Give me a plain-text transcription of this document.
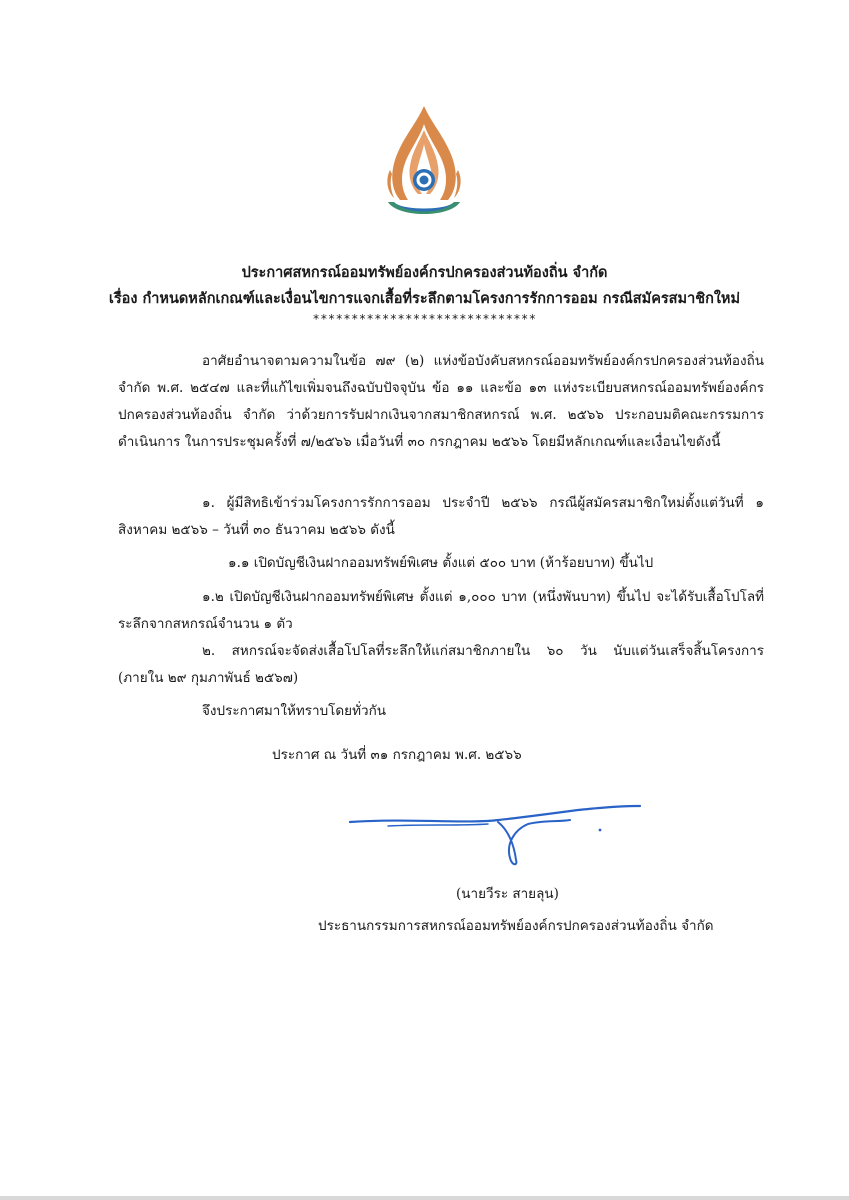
ประกาศสหกรณ์ออมทรัพย์องค์กรปกครองส่วนท้องถิ่น จำกัด
เรื่อง กำหนดหลักเกณฑ์และเงื่อนไขการแจกเสื้อที่ระลึกตามโครงการรักการออม กรณีสมัครสมาชิกใหม่
*****************************
อาศัยอำนาจตามความในข้อ ๗๙ (๒) แห่งข้อบังคับสหกรณ์ออมทรัพย์องค์กรปกครองส่วนท้องถิ่น จำกัด พ.ศ. ๒๕๔๗ และที่แก้ไขเพิ่มจนถึงฉบับปัจจุบัน ข้อ ๑๑ และข้อ ๑๓ แห่งระเบียบสหกรณ์ออมทรัพย์องค์กรปกครองส่วนท้องถิ่น จำกัด ว่าด้วยการรับฝากเงินจากสมาชิกสหกรณ์ พ.ศ. ๒๕๖๖ ประกอบมติคณะกรรมการดำเนินการ ในการประชุมครั้งที่ ๗/๒๕๖๖ เมื่อวันที่ ๓๐ กรกฎาคม ๒๕๖๖ โดยมีหลักเกณฑ์และเงื่อนไขดังนี้
๑. ผู้มีสิทธิเข้าร่วมโครงการรักการออม ประจำปี ๒๕๖๖ กรณีผู้สมัครสมาชิกใหม่ตั้งแต่วันที่ ๑ สิงหาคม ๒๕๖๖ – วันที่ ๓๐ ธันวาคม ๒๕๖๖ ดังนี้
๑.๑ เปิดบัญชีเงินฝากออมทรัพย์พิเศษ ตั้งแต่ ๕๐๐ บาท (ห้าร้อยบาท) ขึ้นไป
๑.๒ เปิดบัญชีเงินฝากออมทรัพย์พิเศษ ตั้งแต่ ๑,๐๐๐ บาท (หนึ่งพันบาท) ขึ้นไป จะได้รับเสื้อโปโลที่ระลึกจากสหกรณ์จำนวน ๑ ตัว
๒. สหกรณ์จะจัดส่งเสื้อโปโลที่ระลึกให้แก่สมาชิกภายใน ๖๐ วัน นับแต่วันเสร็จสิ้นโครงการ (ภายใน ๒๙ กุมภาพันธ์ ๒๕๖๗)
จึงประกาศมาให้ทราบโดยทั่วกัน
ประกาศ ณ วันที่ ๓๑ กรกฎาคม พ.ศ. ๒๕๖๖
(นายวีระ สายลุน)
ประธานกรรมการสหกรณ์ออมทรัพย์องค์กรปกครองส่วนท้องถิ่น จำกัด
